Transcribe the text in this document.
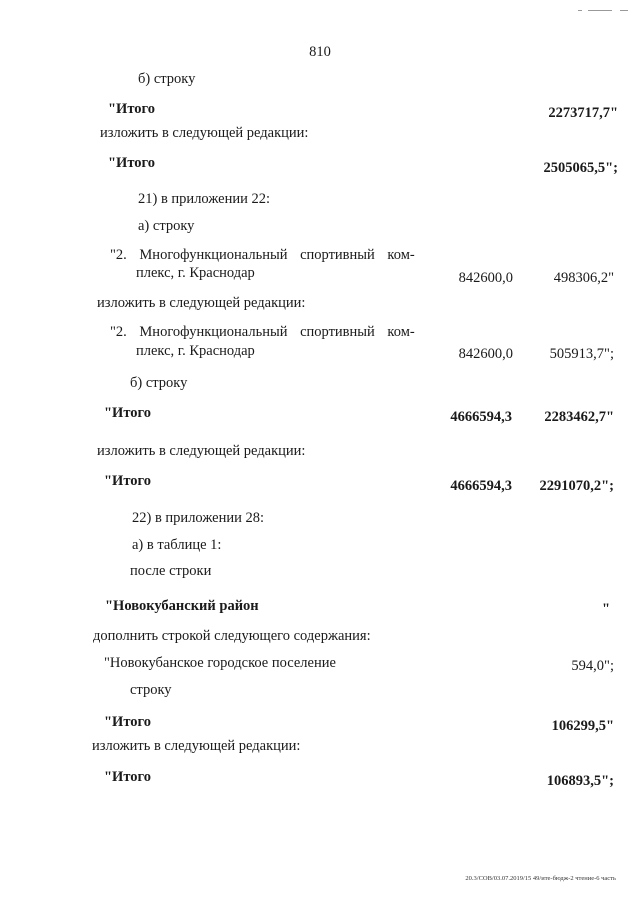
810
б) строку
"Итого	2273717,7"
изложить в следующей редакции:
"Итого	2505065,5";
21) в приложении 22:
а) строку
"2. Многофункциональный спортивный ком-
плекс, г. Краснодар	842600,0	498306,2"
изложить в следующей редакции:
"2. Многофункциональный спортивный ком-
плекс, г. Краснодар	842600,0	505913,7";
б) строку
"Итого	4666594,3 2283462,7"
изложить в следующей редакции:
"Итого	4666594,3 2291070,2";
22) в приложении 28:
а) в таблице 1:
после строки
"Новокубанский район	"
дополнить строкой следующего содержания:
"Новокубанское городское поселение	594,0";
строку
"Итого	106299,5"
изложить в следующей редакции:
"Итого	106893,5";
20.3/СОВ/03.07.2019/15 49/ите-бюдж-2 чтение-6 часть
